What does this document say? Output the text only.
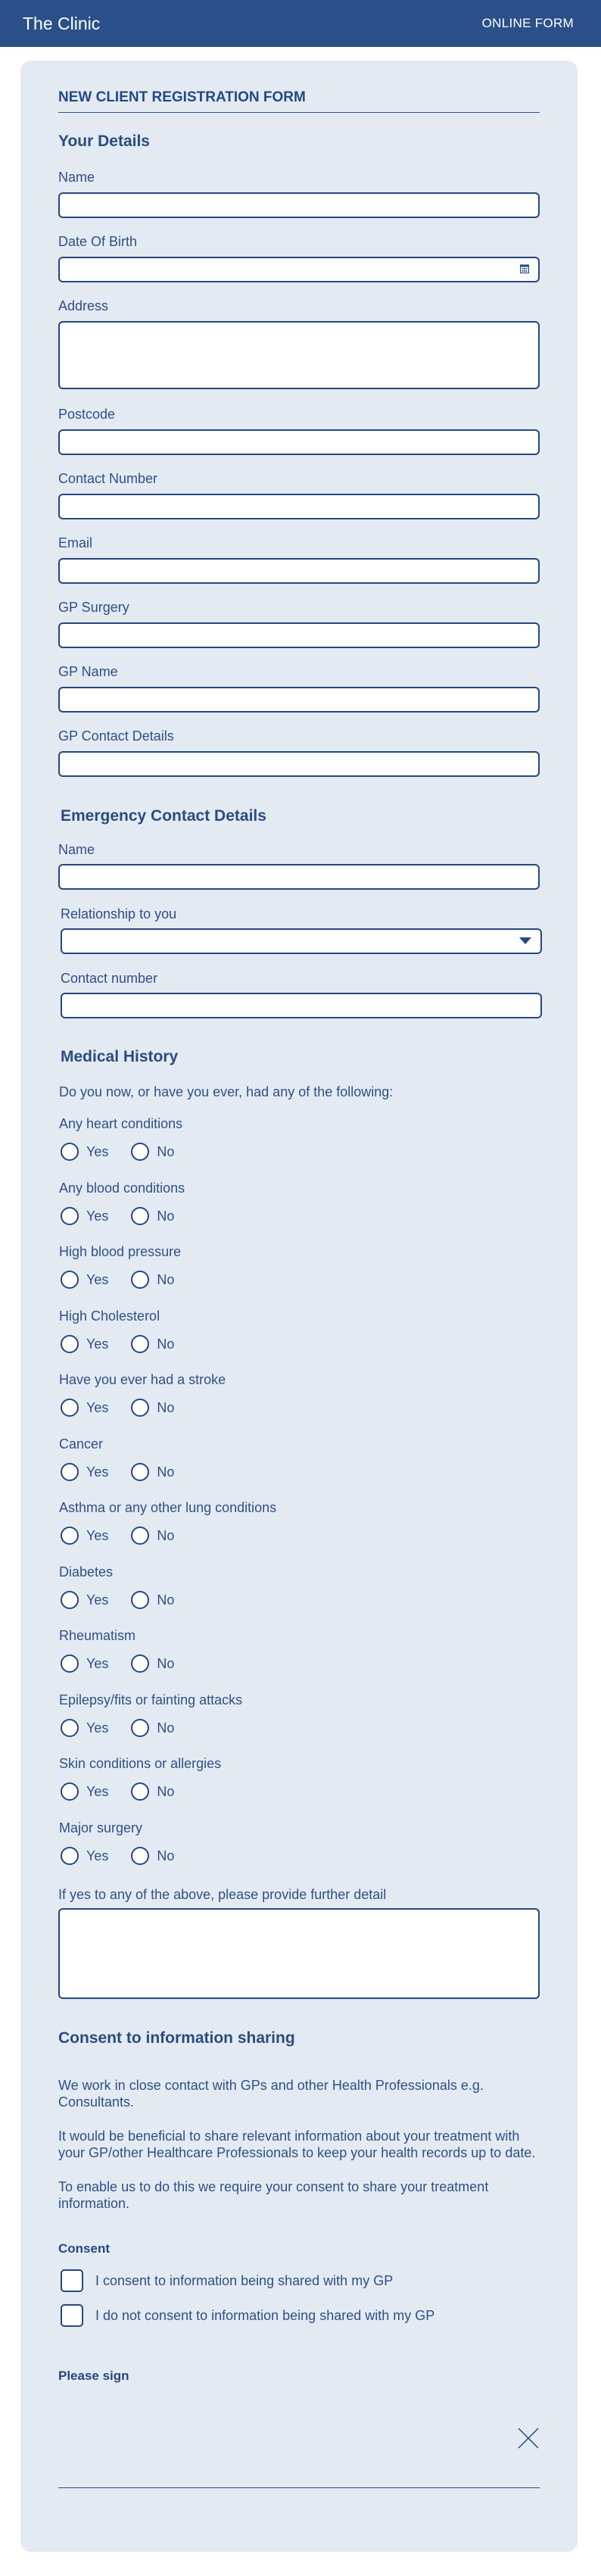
The Clinic	ONLINE FORM
NEW CLIENT REGISTRATION FORM
Your Details
Name
Date Of Birth
Address
Postcode
Contact Number
Email
GP Surgery
GP Name
GP Contact Details
Emergency Contact Details
Name
Relationship to you
Contact number
Medical History
Do you now, or have you ever, had any of the following:
Any heart conditions
Yes	No
Any blood conditions
Yes	No
High blood pressure
Yes	No
High Cholesterol
Yes	No
Have you ever had a stroke
Yes	No
Cancer
Yes	No
Asthma or any other lung conditions
Yes	No
Diabetes
Yes	No
Rheumatism
Yes	No
Epilepsy/fits or fainting attacks
Yes	No
Skin conditions or allergies
Yes	No
Major surgery
Yes	No
If yes to any of the above, please provide further detail
Consent to information sharing
We work in close contact with GPs and other Health Professionals e.g. Consultants.
It would be beneficial to share relevant information about your treatment with your GP/other Healthcare Professionals to keep your health records up to date.
To enable us to do this we require your consent to share your treatment information.
Consent
I consent to information being shared with my GP
I do not consent to information being shared with my GP
Please sign
